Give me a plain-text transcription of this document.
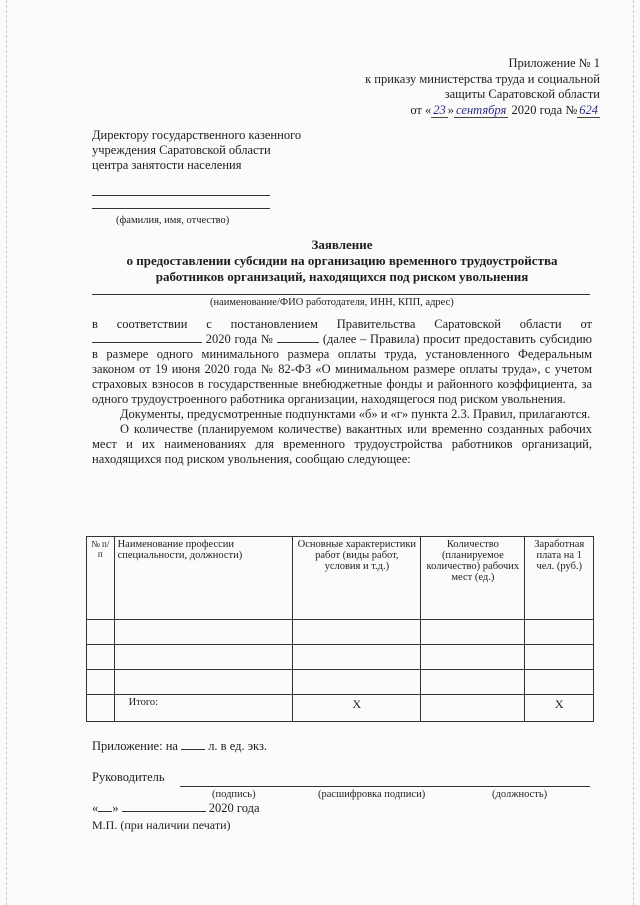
Приложение № 1
к приказу министерства труда и социальной
защиты Саратовской области
от « 23 » сентября 2020 года № 624
Директору государственного казенного
учреждения Саратовской области
центра занятости населения
(фамилия, имя, отчество)
Заявление
о предоставлении субсидии на организацию временного трудоустройства
работников организаций, находящихся под риском увольнения
(наименование/ФИО работодателя, ИНН, КПП, адрес)

в соответствии с постановлением Правительства Саратовской области от  2020 года №	(далее – Правила) просит предоставить субсидию в размере одного минимального размера оплаты труда, установленного Федеральным законом от 19 июня 2020 года № 82-ФЗ «О минимальном размере оплаты труда», с учетом страховых взносов в государственные внебюджетные фонды и районного коэффициента, за одного трудоустроенного работника организации, находящегося под риском увольнения.

Документы, предусмотренные подпунктами «б» и «г» пункта 2.3. Правил, прилагаются.

О количестве (планируемом количестве) вакантных или временно созданных рабочих мест и их наименованиях для временного трудоустройства работников организаций, находящихся под риском увольнения, сообщаю следующее:

№ п/п	Наименование профессии специальности, должности)	Основные характеристики работ (виды работ, условия и т.д.)	Количество (планируемое количество) рабочих мест (ед.)	Заработная плата на 1 чел. (руб.)

	Итого:	X		X
Приложение: на  л. в ед. экз.
Руководитель
(подпись)	(расшифровка подписи)	(должность)
« »	2020 года
М.П. (при наличии печати)
